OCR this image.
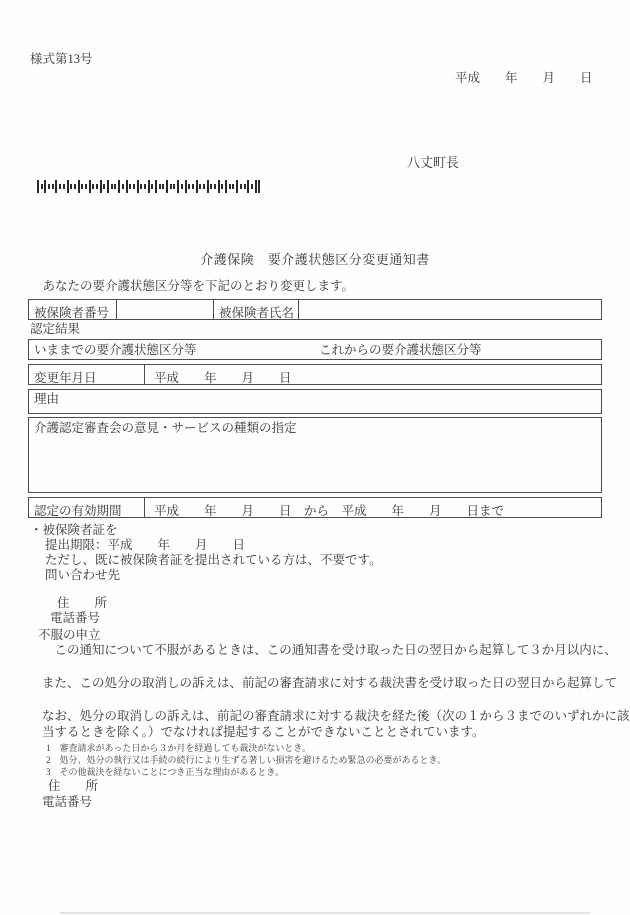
様式第13号
平成　　年　　月　　日
八丈町長
介護保険　要介護状態区分変更通知書
　あなたの要介護状態区分等を下記のとおり変更します。
被保険者番号	被保険者氏名
認定結果
いままでの要介護状態区分等	これからの要介護状態区分等
変更年月日	平成　　年　　月　　日
理由
介護認定審査会の意見・サービスの種類の指定
認定の有効期間	平成　　年　　月　　日　から　平成　　年　　月　　日まで
・被保険者証を
提出期限：平成　　年　　月　　日
ただし、既に被保険者証を提出されている方は、不要です。
問い合わせ先
住　　所
電話番号
不服の申立
　この通知について不服があるときは、この通知書を受け取った日の翌日から起算して３か月以内に、
また、この処分の取消しの訴えは、前記の審査請求に対する裁決書を受け取った日の翌日から起算して
なお、処分の取消しの訴えは、前記の審査請求に対する裁決を経た後（次の１から３までのいずれかに該
当するときを除く。）でなければ提起することができないこととされています。
1　審査請求があった日から３か月を経過しても裁決がないとき。
2　処分、処分の執行又は手続の続行により生ずる著しい損害を避けるため緊急の必要があるとき。
3　その他裁決を経ないことにつき正当な理由があるとき。
住　　所
電話番号
